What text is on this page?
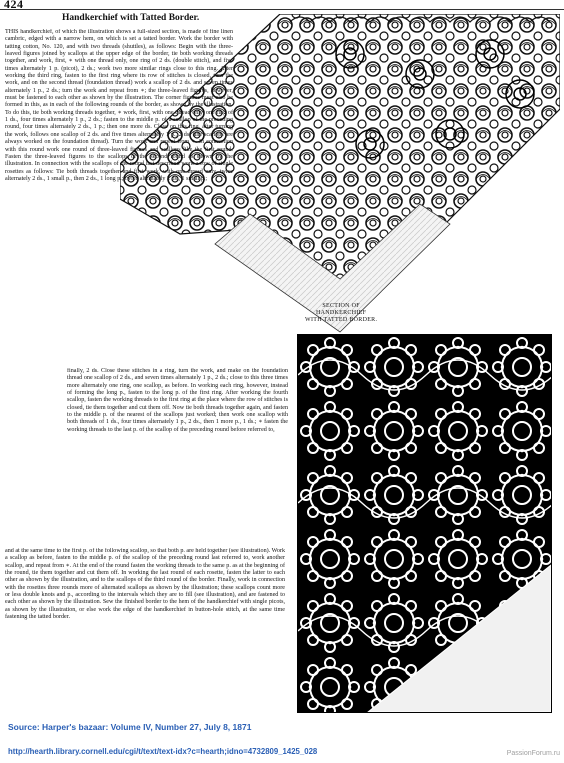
424
Handkerchief with Tatted Border.
SECTION OF
HANDKERCHIEF
WITH TATTED BORDER.
THIS handkerchief, of which the illustration shows a full-sized section, is made of fine linen cambric, edged with a narrow hem, on which is set a tatted border. Work the border with tatting cotton, No. 120, and with two threads (shuttles), as follows: Begin with the three-leaved figures joined by scallops at the upper edge of the border, tie both working threads together, and work, first, ∗ with one thread only, one ring of 2 ds. (double stitch), and five times alternately 1 p. (picot), 2 ds.; work two more similar rings close to this ring. After working the third ring, fasten to the first ring where its row of stitches is closed, turn the work, and on the second thread (foundation thread) work a scallop of 2 ds. and seven times alternately 1 p., 2 ds.; turn the work and repeat from ∗; the three-leaved figures, however, must be fastened to each other as shown by the illustration. The corner figures must also be formed in this, as in each of the following rounds of the border, as shown by the illustration. To do this, tie both working threads together, ∗ work, first, with one thread only, one ring of 1 ds., four times alternately 1 p., 2 ds.; fasten to the middle p. of a scallop of the preceding round, four times alternately 2 ds., 1 p.; then one more ds. Close on this ring, after turning the work, follows one scallop of 2 ds. and five times alternately 1 p., 2 ds. (the scallops are always worked on the foundation thread). Turn the work and repeat from ∗. In connection with this round work one round of three-leaved figures and scallops like the first round. Fasten the three-leaved figures to the scallops of the second round as shown by the illustration. In connection with the scallops of the round last described work a row of single rosettes as follows: Tie both threads together and first work, with one thread only, twice alternately 2 ds., 1 small p., then 2 ds., 1 long p.; twice alternately 2 ds., 1 small p.;
finally, 2 ds. Close these stitches in a ring, turn the work, and make on the foundation thread one scallop of 2 ds., and seven times alternately 1 p., 2 ds.; close to this three times more alternately one ring, one scallop, as before. In working each ring, however, instead of forming the long p., fasten to the long p. of the first ring. After working the fourth scallop, fasten the working threads to the first ring at the place where the row of stitches is closed, tie them together and cut them off. Now tie both threads together again, and fasten to the middle p. of the nearest of the scallops just worked; then work one scallop with both threads of 1 ds., four times alternately 1 p., 2 ds., then 1 more p., 1 ds.; ∗ fasten the working threads to the last p. of the scallop of the preceding round before referred to,
and at the same time to the first p. of the following scallop, so that both p. are held together (see illustration). Work a scallop as before, fasten to the middle p. of the scallop of the preceding round last referred to, work another scallop, and repeat from ∗. At the end of the round fasten the working threads to the same p. as at the beginning of the round, tie them together and cut them off. In working the last round of each rosette, fasten the latter to each other as shown by the illustration, and to the scallops of the third round of the border. Finally, work in connection with the rosettes three rounds more of alternated scallops as shown by the illustration; these scallops count more or less double knots and p., according to the intervals which they are to fill (see illustration), and are fastened to each other as shown by the illustration. Sew the finished border to the hem of the handkerchief with single picots, as shown by the illustration, or else work the edge of the handkerchief in button-hole stitch, at the same time fastening the tatted border.
Source: Harper's bazaar: Volume IV, Number 27, July 8, 1871
http://hearth.library.cornell.edu/cgi/t/text/text-idx?c=hearth;idno=4732809_1425_028	PassionForum.ru
